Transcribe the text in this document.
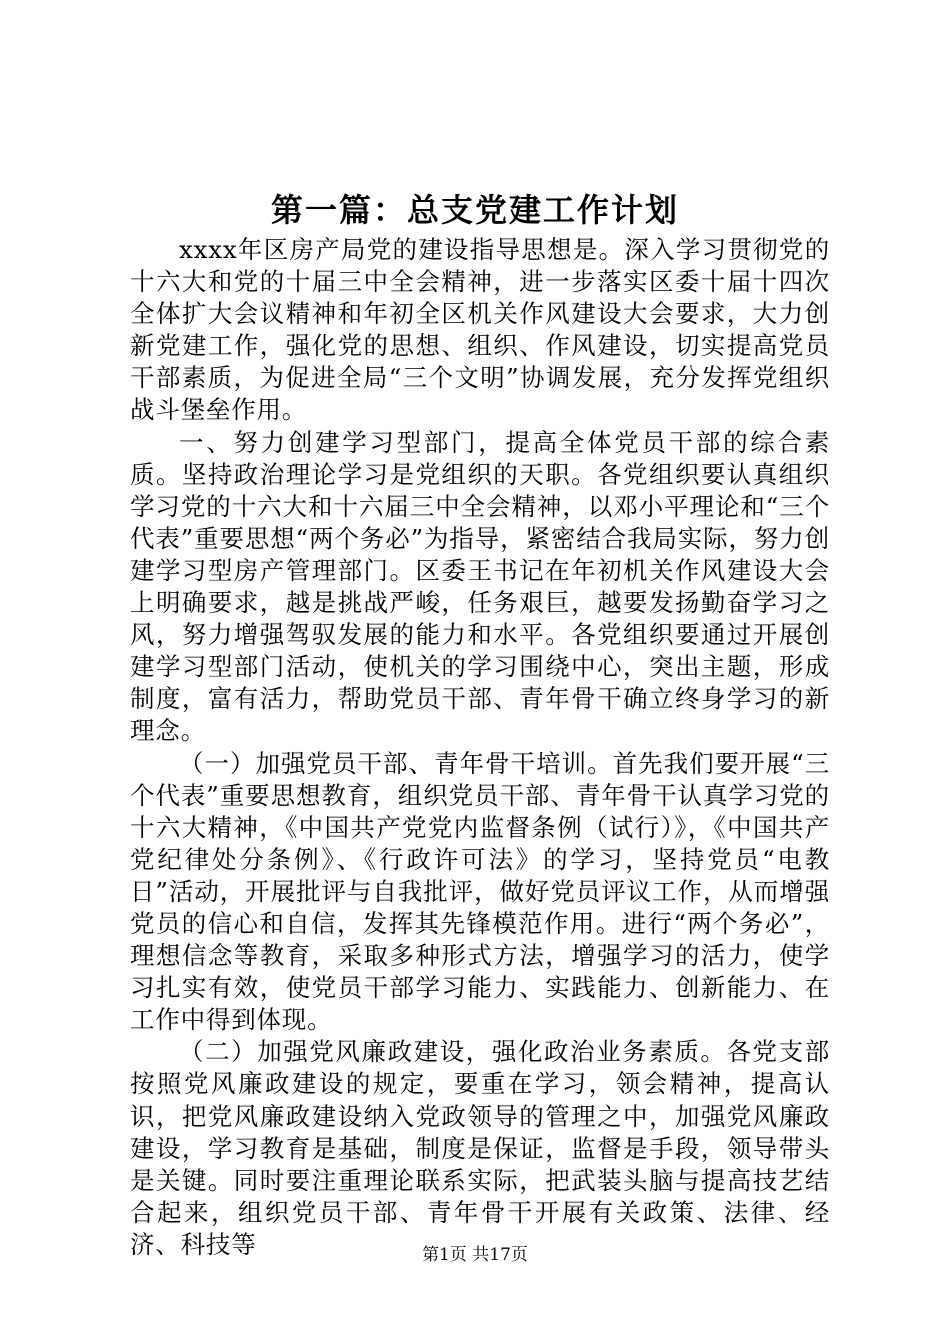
第一篇：总支党建工作计划

xxxx年区房产局党的建设指导思想是。深入学习贯彻党的十六大和党的十届三中全会精神，进一步落实区委十届十四次全体扩大会议精神和年初全区机关作风建设大会要求，大力创新党建工作，强化党的思想、组织、作风建设，切实提高党员干部素质，为促进全局“三个文明”协调发展，充分发挥党组织战斗堡垒作用。

一、努力创建学习型部门，提高全体党员干部的综合素质。坚持政治理论学习是党组织的天职。各党组织要认真组织学习党的十六大和十六届三中全会精神，以邓小平理论和“三个代表”重要思想“两个务必”为指导，紧密结合我局实际，努力创建学习型房产管理部门。区委王书记在年初机关作风建设大会上明确要求，越是挑战严峻，任务艰巨，越要发扬勤奋学习之风，努力增强驾驭发展的能力和水平。各党组织要通过开展创建学习型部门活动，使机关的学习围绕中心，突出主题，形成制度，富有活力，帮助党员干部、青年骨干确立终身学习的新理念。

（一）加强党员干部、青年骨干培训。首先我们要开展“三个代表”重要思想教育，组织党员干部、青年骨干认真学习党的十六大精神，《中国共产党党内监督条例（试行）》，《中国共产党纪律处分条例》、《行政许可法》的学习，坚持党员“电教日”活动，开展批评与自我批评，做好党员评议工作，从而增强党员的信心和自信，发挥其先锋模范作用。进行“两个务必”，理想信念等教育，采取多种形式方法，增强学习的活力，使学习扎实有效，使党员干部学习能力、实践能力、创新能力、在工作中得到体现。

（二）加强党风廉政建设，强化政治业务素质。各党支部按照党风廉政建设的规定，要重在学习，领会精神，提高认识，把党风廉政建设纳入党政领导的管理之中，加强党风廉政建设，学习教育是基础，制度是保证，监督是手段，领导带头是关键。同时要注重理论联系实际，把武装头脑与提高技艺结合起来，组织党员干部、青年骨干开展有关政策、法律、经济、科技等	第1页 共17页
